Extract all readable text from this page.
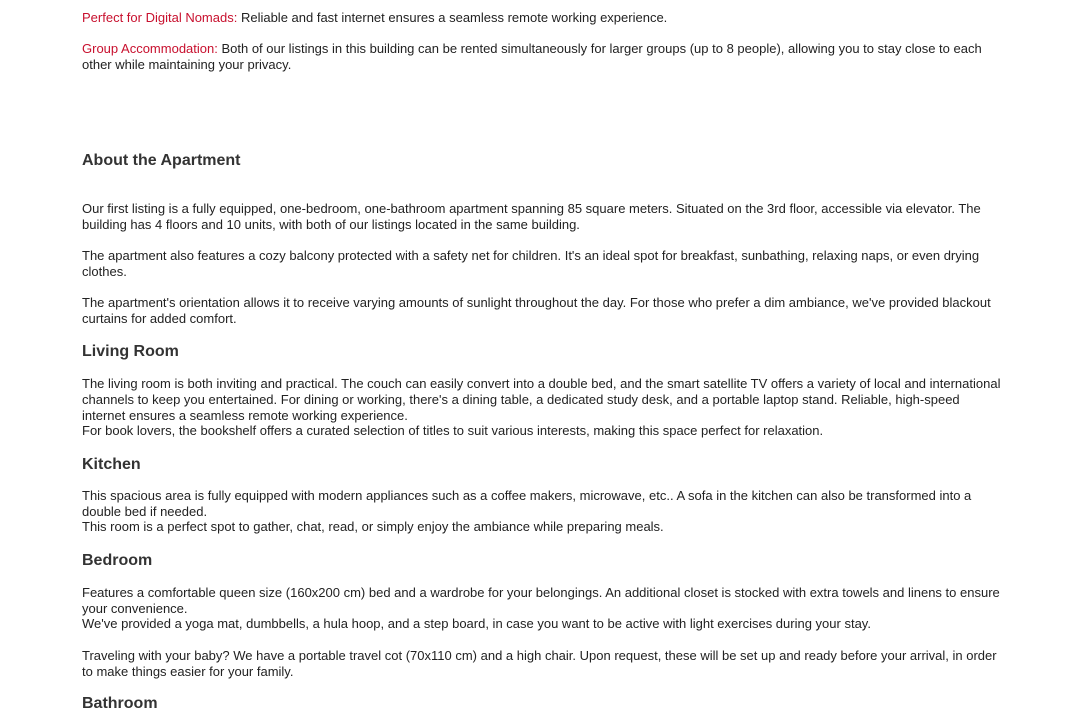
Perfect for Digital Nomads: Reliable and fast internet ensures a seamless remote working experience.

Group Accommodation: Both of our listings in this building can be rented simultaneously for larger groups (up to 8 people), allowing you to stay close to each other while maintaining your privacy.

About the Apartment

Our first listing is a fully equipped, one-bedroom, one-bathroom apartment spanning 85 square meters. Situated on the 3rd floor, accessible via elevator. The building has 4 floors and 10 units, with both of our listings located in the same building.

The apartment also features a cozy balcony protected with a safety net for children. It's an ideal spot for breakfast, sunbathing, relaxing naps, or even drying clothes.

The apartment's orientation allows it to receive varying amounts of sunlight throughout the day. For those who prefer a dim ambiance, we've provided blackout curtains for added comfort.

Living Room

The living room is both inviting and practical. The couch can easily convert into a double bed, and the smart satellite TV offers a variety of local and international channels to keep you entertained. For dining or working, there's a dining table, a dedicated study desk, and a portable laptop stand. Reliable, high-speed internet ensures a seamless remote working experience.

For book lovers, the bookshelf offers a curated selection of titles to suit various interests, making this space perfect for relaxation.

Kitchen

This spacious area is fully equipped with modern appliances such as a coffee makers, microwave, etc.. A sofa in the kitchen can also be transformed into a double bed if needed.

This room is a perfect spot to gather, chat, read, or simply enjoy the ambiance while preparing meals.

Bedroom

Features a comfortable queen size (160x200 cm) bed and a wardrobe for your belongings. An additional closet is stocked with extra towels and linens to ensure your convenience.

We've provided a yoga mat, dumbbells, a hula hoop, and a step board, in case you want to be active with light exercises during your stay.

Traveling with your baby? We have a portable travel cot (70x110 cm) and a high chair. Upon request, these will be set up and ready before your arrival, in order to make things easier for your family.

Bathroom
